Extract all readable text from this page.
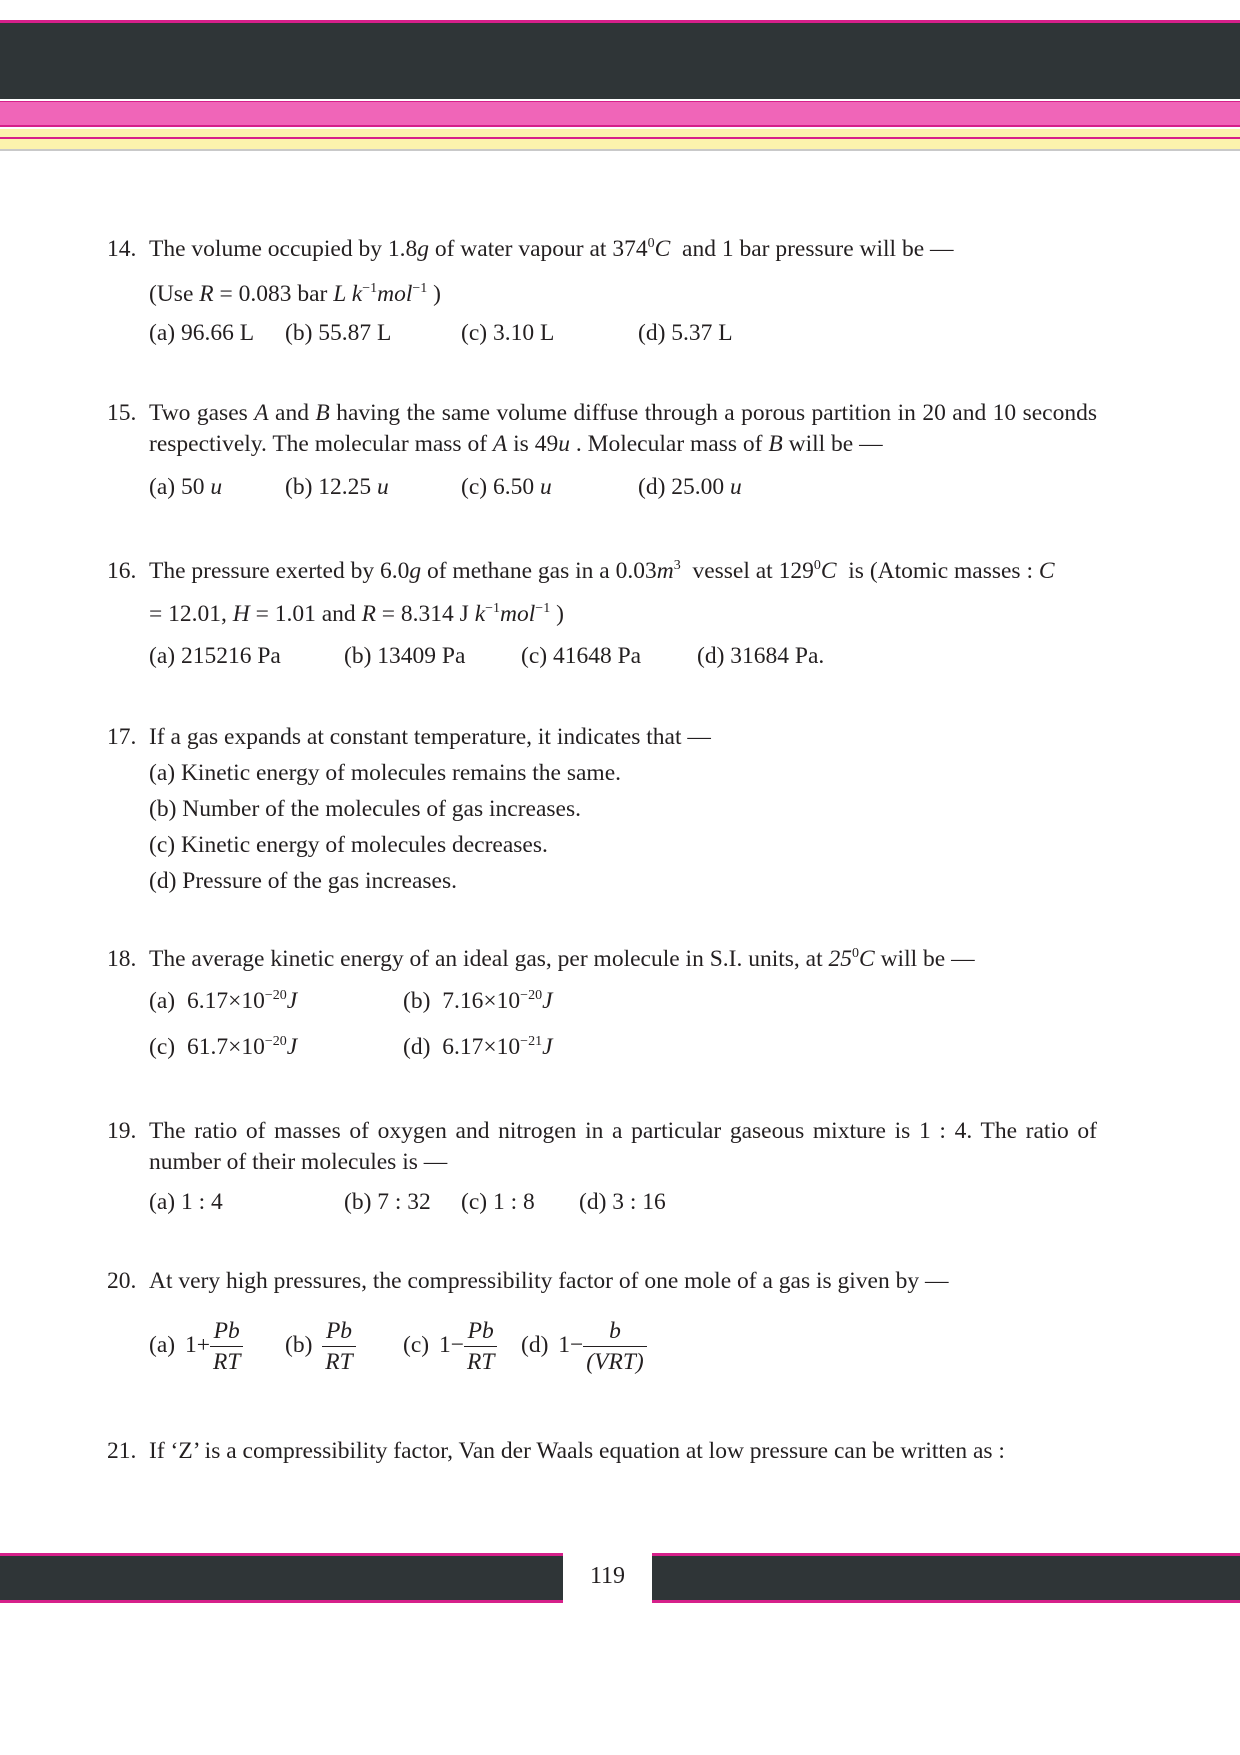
14. The volume occupied by 1.8g of water vapour at $374^0C$  and 1 bar pressure will be —
(Use R = 0.083 bar L $k^{-1}mol^{-1}$ )
(a) 96.66 L (b) 55.87 L	(c) 3.10 L	(d) 5.37 L
15. Two gases A and B having the same volume diffuse through a porous partition in 20 and 10 seconds respectively. The molecular mass of A is 49u . Molecular mass of B will be —
(a) 50 u	(b) 12.25 u	(c) 6.50 u	(d) 25.00 u
16. The pressure exerted by 6.0g of methane gas in a $0.03m^3$  vessel at $129^0C$  is (Atomic masses : C
= 12.01, H = 1.01 and R = 8.314 J $k^{-1}mol^{-1}$ )
(a) 215216 Pa	(b) 13409 Pa (c) 41648 Pa (d) 31684 Pa.
17. If a gas expands at constant temperature, it indicates that —
(a) Kinetic energy of molecules remains the same.
(b) Number of the molecules of gas increases.
(c) Kinetic energy of molecules decreases.
(d) Pressure of the gas increases.
18. The average kinetic energy of an ideal gas, per molecule in S.I. units, at $25^0C$ will be —
(a) $6.17\times 10^{-20}J$	(b) $7.16\times 10^{-20}J$
(c) $61.7\times 10^{-20}J$	(d) $6.17\times 10^{-21}J$
19. The ratio of masses of oxygen and nitrogen in a particular gaseous mixture is 1 : 4. The ratio of number of their molecules is —
(a) 1 : 4	(b) 7 : 32 (c) 1 : 8 (d) 3 : 16
20. At very high pressures, the compressibility factor of one mole of a gas is given by —
(a) $1+ \frac{Pb}{RT} (b) \frac{Pb}{RT} (c)$ $1- \frac{Pb}{RT} (d)$ $1- \frac{b}{\text{(VRT)}}$
21. If ‘Z’ is a compressibility factor, Van der Waals equation at low pressure can be written as :
119
